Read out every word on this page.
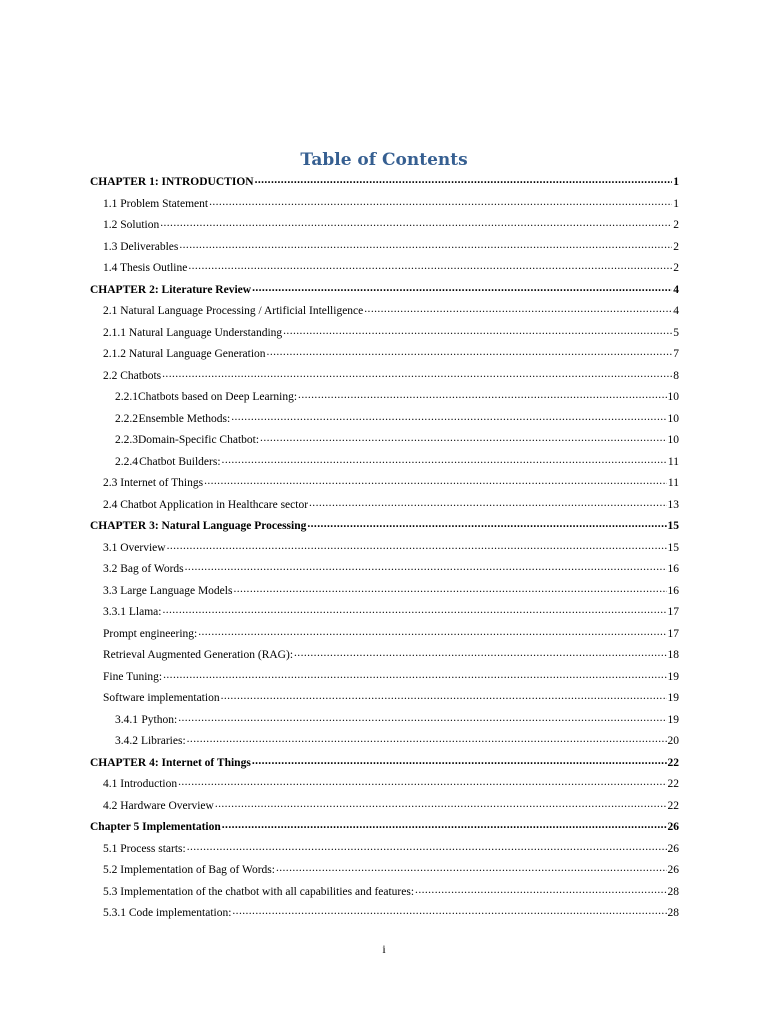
Table of Contents
CHAPTER 1: INTRODUCTION .....	1
1.1 Problem Statement .....	1
1.2 Solution .....	2
1.3 Deliverables .....	2
1.4 Thesis Outline .....	2
CHAPTER 2: Literature Review .....	4
2.1 Natural Language Processing / Artificial Intelligence .....	4
2.1.1 Natural Language Understanding .....	5
2.1.2 Natural Language Generation .....	7
2.2 Chatbots .....	8
2.2.1 Chatbots based on Deep Learning: .....	10
2.2.2 Ensemble Methods: .....	10
2.2.3 Domain-Specific Chatbot: .....	10
2.2.4 Chatbot Builders: .....	11
2.3 Internet of Things .....	11
2.4 Chatbot Application in Healthcare sector .....	13
CHAPTER 3: Natural Language Processing .....	15
3.1 Overview .....	15
3.2 Bag of Words .....	16
3.3 Large Language Models .....	16
3.3.1 Llama: .....	17
Prompt engineering: .....	17
Retrieval Augmented Generation (RAG): .....	18
Fine Tuning: .....	19
Software implementation .....	19
3.4.1 Python: .....	19
3.4.2 Libraries: .....	20
CHAPTER 4: Internet of Things .....	22
4.1 Introduction .....	22
4.2 Hardware Overview .....	22
Chapter 5 Implementation .....	26
5.1 Process starts: .....	26
5.2 Implementation of Bag of Words: .....	26
5.3 Implementation of the chatbot with all capabilities and features: .....	28
5.3.1 Code implementation: .....	28
i
